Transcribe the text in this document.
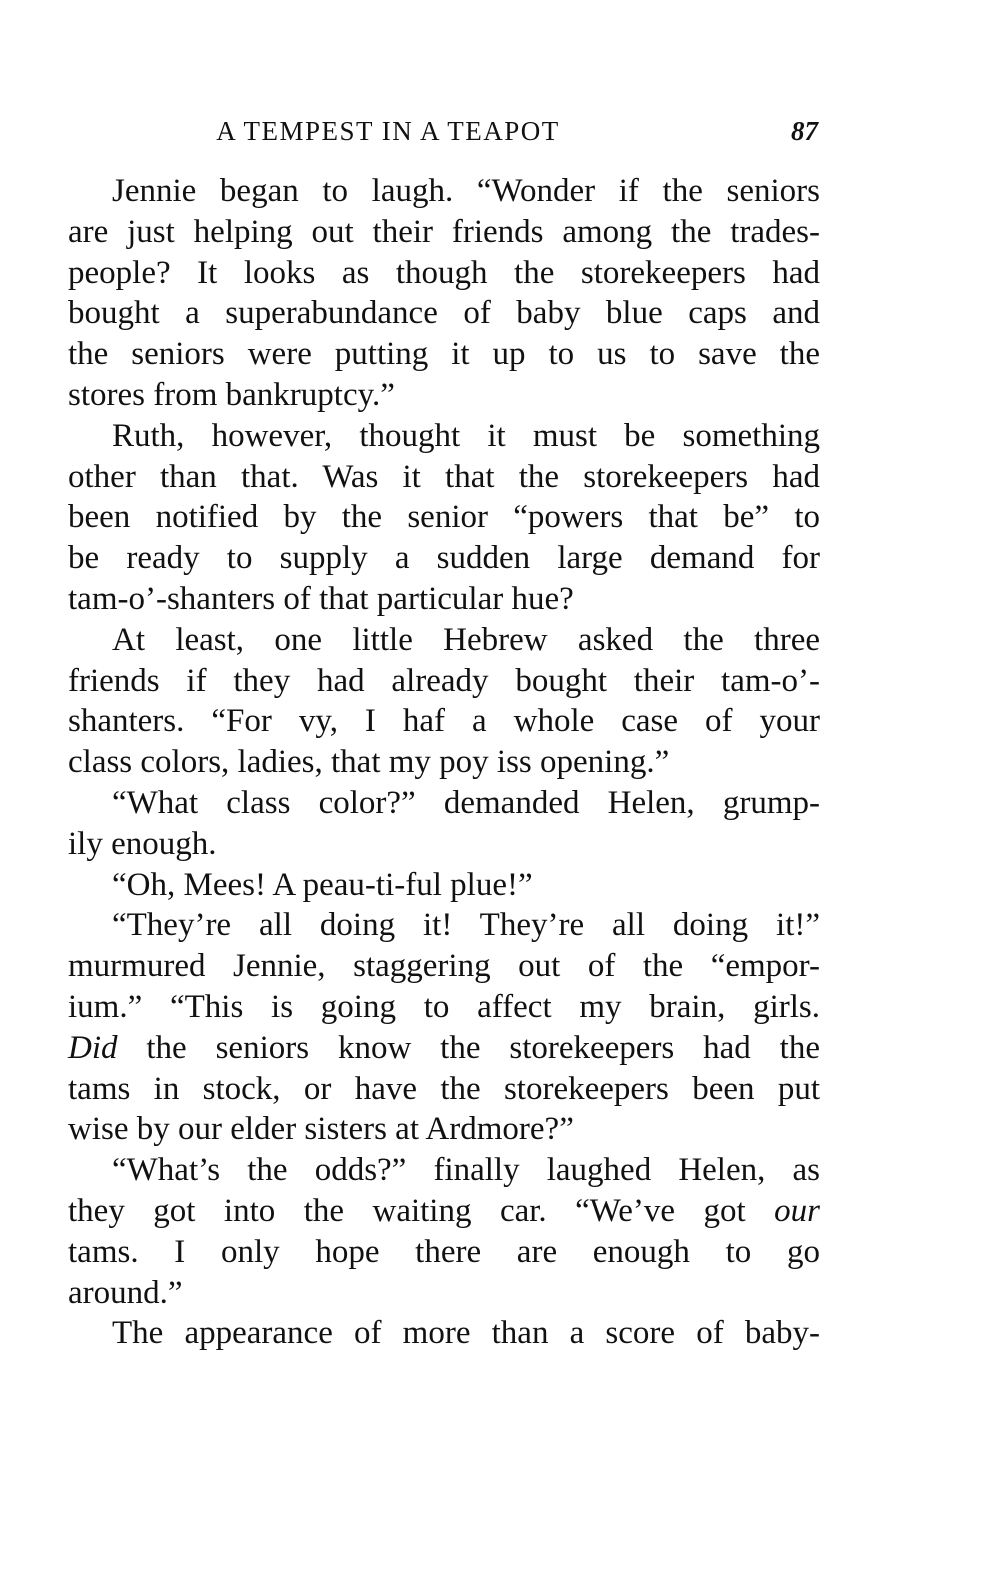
A TEMPEST IN A TEAPOT	87
Jennie began to laugh. “Wonder if the seniors
are just helping out their friends among the trades-
people? It looks as though the storekeepers had
bought a superabundance of baby blue caps and
the seniors were putting it up to us to save the
stores from bankruptcy.”
Ruth, however, thought it must be something
other than that. Was it that the storekeepers had
been notified by the senior “powers that be” to
be ready to supply a sudden large demand for
tam-o’-shanters of that particular hue?
At least, one little Hebrew asked the three
friends if they had already bought their tam-o’-
shanters. “For vy, I haf a whole case of your
class colors, ladies, that my poy iss opening.”
“What class color?” demanded Helen, grump-
ily enough.
“Oh, Mees! A peau-ti-ful plue!”
“They’re all doing it! They’re all doing it!”
murmured Jennie, staggering out of the “empor-
ium.” “This is going to affect my brain, girls.
Did the seniors know the storekeepers had the
tams in stock, or have the storekeepers been put
wise by our elder sisters at Ardmore?”
“What’s the odds?” finally laughed Helen, as
they got into the waiting car. “We’ve got our
tams. I only hope there are enough to go
around.”
The appearance of more than a score of baby-
